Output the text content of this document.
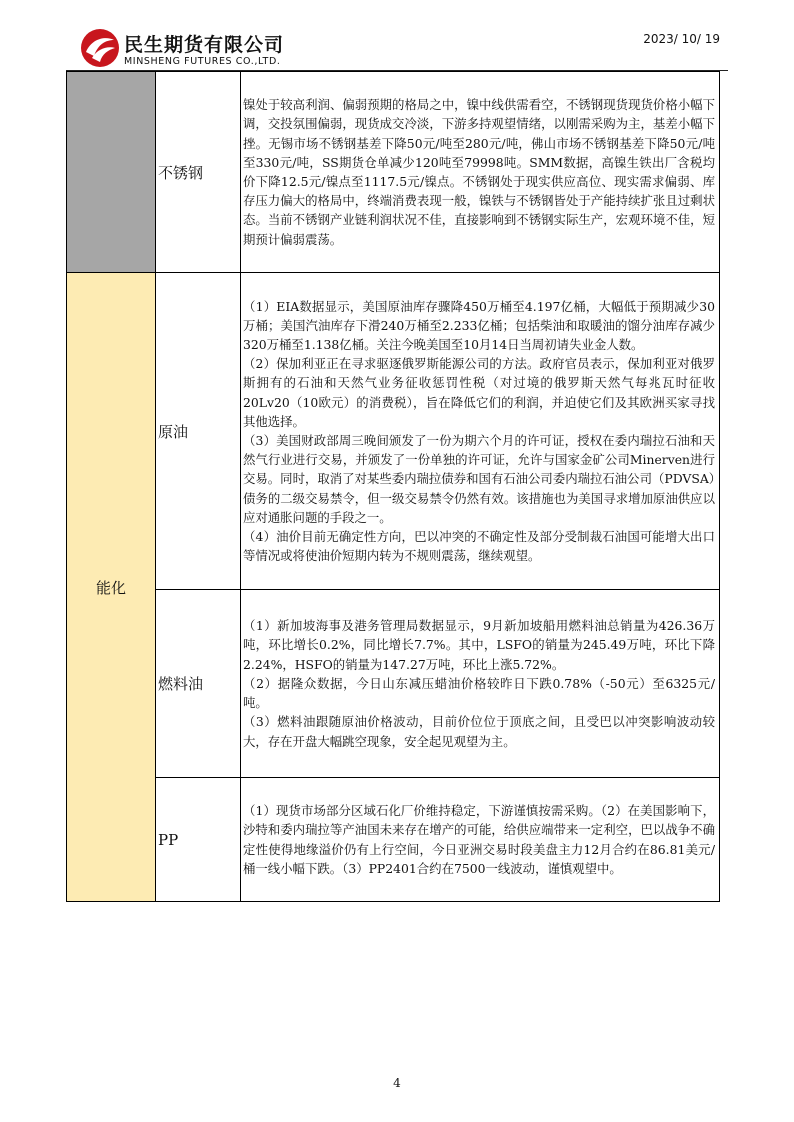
民生期货有限公司
MINSHENG FUTURES CO.,LTD.
2023/ 10/ 19
	不锈钢	镍处于较高利润、偏弱预期的格局之中，镍中线供需看空，不锈钢现货现货价格小幅下调，交投氛围偏弱，现货成交冷淡，下游多持观望情绪，以刚需采购为主，基差小幅下挫。无锡市场不锈钢基差下降50元/吨至280元/吨，佛山市场不锈钢基差下降50元/吨至330元/吨，SS期货仓单减少120吨至79998吨。SMM数据，高镍生铁出厂含税均价下降12.5元/镍点至1117.5元/镍点。不锈钢处于现实供应高位、现实需求偏弱、库存压力偏大的格局中，终端消费表现一般，镍铁与不锈钢皆处于产能持续扩张且过剩状态。当前不锈钢产业链利润状况不佳，直接影响到不锈钢实际生产，宏观环境不佳，短期预计偏弱震荡。

能化	原油	（1）EIA数据显示，美国原油库存骤降450万桶至4.197亿桶，大幅低于预期减少30万桶；美国汽油库存下滑240万桶至2.233亿桶；包括柴油和取暖油的馏分油库存减少320万桶至1.138亿桶。关注今晚美国至10月14日当周初请失业金人数。

（2）保加利亚正在寻求驱逐俄罗斯能源公司的方法。政府官员表示，保加利亚对俄罗斯拥有的石油和天然气业务征收惩罚性税（对过境的俄罗斯天然气每兆瓦时征收20Lv20（10欧元）的消费税），旨在降低它们的利润，并迫使它们及其欧洲买家寻找其他选择。

（3）美国财政部周三晚间颁发了一份为期六个月的许可证，授权在委内瑞拉石油和天然气行业进行交易，并颁发了一份单独的许可证，允许与国家金矿公司Minerven进行交易。同时，取消了对某些委内瑞拉债券和国有石油公司委内瑞拉石油公司（PDVSA）债务的二级交易禁令，但一级交易禁令仍然有效。该措施也为美国寻求增加原油供应以应对通胀问题的手段之一。

（4）油价目前无确定性方向，巴以冲突的不确定性及部分受制裁石油国可能增大出口等情况或将使油价短期内转为不规则震荡，继续观望。

	燃料油	（1）新加坡海事及港务管理局数据显示，9月新加坡船用燃料油总销量为426.36万吨，环比增长0.2%，同比增长7.7%。其中，LSFO的销量为245.49万吨，环比下降2.24%，HSFO的销量为147.27万吨，环比上涨5.72%。

（2）据隆众数据，今日山东减压蜡油价格较昨日下跌0.78%（-50元）至6325元/吨。

（3）燃料油跟随原油价格波动，目前价位位于顶底之间，且受巴以冲突影响波动较大，存在开盘大幅跳空现象，安全起见观望为主。

	PP	（1）现货市场部分区域石化厂价维持稳定，下游谨慎按需采购。（2）在美国影响下，沙特和委内瑞拉等产油国未来存在增产的可能，给供应端带来一定利空，巴以战争不确定性使得地缘溢价仍有上行空间，今日亚洲交易时段美盘主力12月合约在86.81美元/桶一线小幅下跌。（3）PP2401合约在7500一线波动，谨慎观望中。

4
